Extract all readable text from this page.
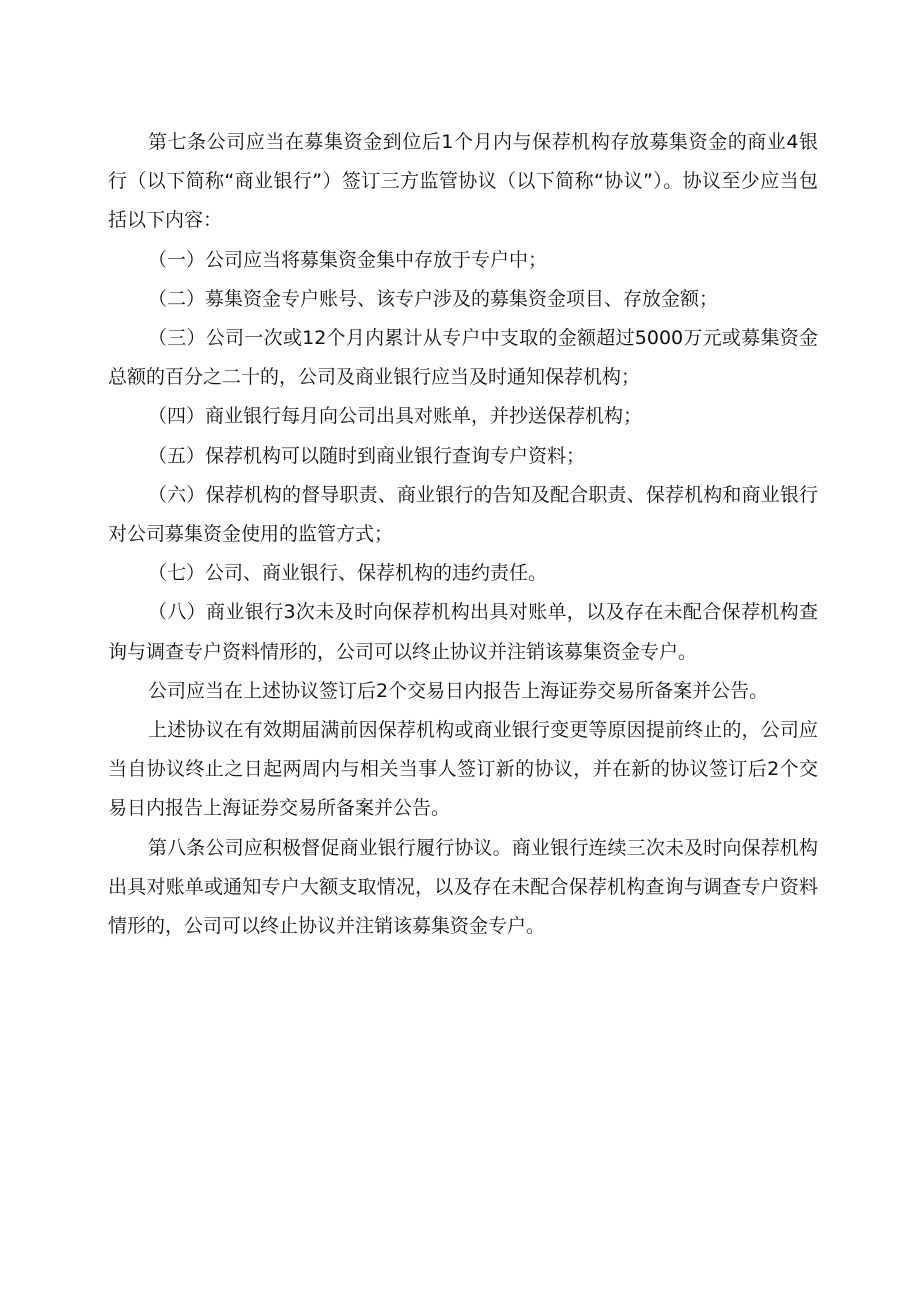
第七条公司应当在募集资金到位后1个月内与保荐机构存放募集资金的商业4银行（以下简称“商业银行”）签订三方监管协议（以下简称“协议”）。协议至少应当包括以下内容：

（一）公司应当将募集资金集中存放于专户中；

（二）募集资金专户账号、该专户涉及的募集资金项目、存放金额；

（三）公司一次或12个月内累计从专户中支取的金额超过5000万元或募集资金总额的百分之二十的，公司及商业银行应当及时通知保荐机构；

（四）商业银行每月向公司出具对账单，并抄送保荐机构；

（五）保荐机构可以随时到商业银行查询专户资料；

（六）保荐机构的督导职责、商业银行的告知及配合职责、保荐机构和商业银行对公司募集资金使用的监管方式；

（七）公司、商业银行、保荐机构的违约责任。

（八）商业银行3次未及时向保荐机构出具对账单，以及存在未配合保荐机构查询与调查专户资料情形的，公司可以终止协议并注销该募集资金专户。

公司应当在上述协议签订后2个交易日内报告上海证券交易所备案并公告。

上述协议在有效期届满前因保荐机构或商业银行变更等原因提前终止的，公司应当自协议终止之日起两周内与相关当事人签订新的协议，并在新的协议签订后2个交易日内报告上海证券交易所备案并公告。

第八条公司应积极督促商业银行履行协议。商业银行连续三次未及时向保荐机构出具对账单或通知专户大额支取情况，以及存在未配合保荐机构查询与调查专户资料情形的，公司可以终止协议并注销该募集资金专户。
